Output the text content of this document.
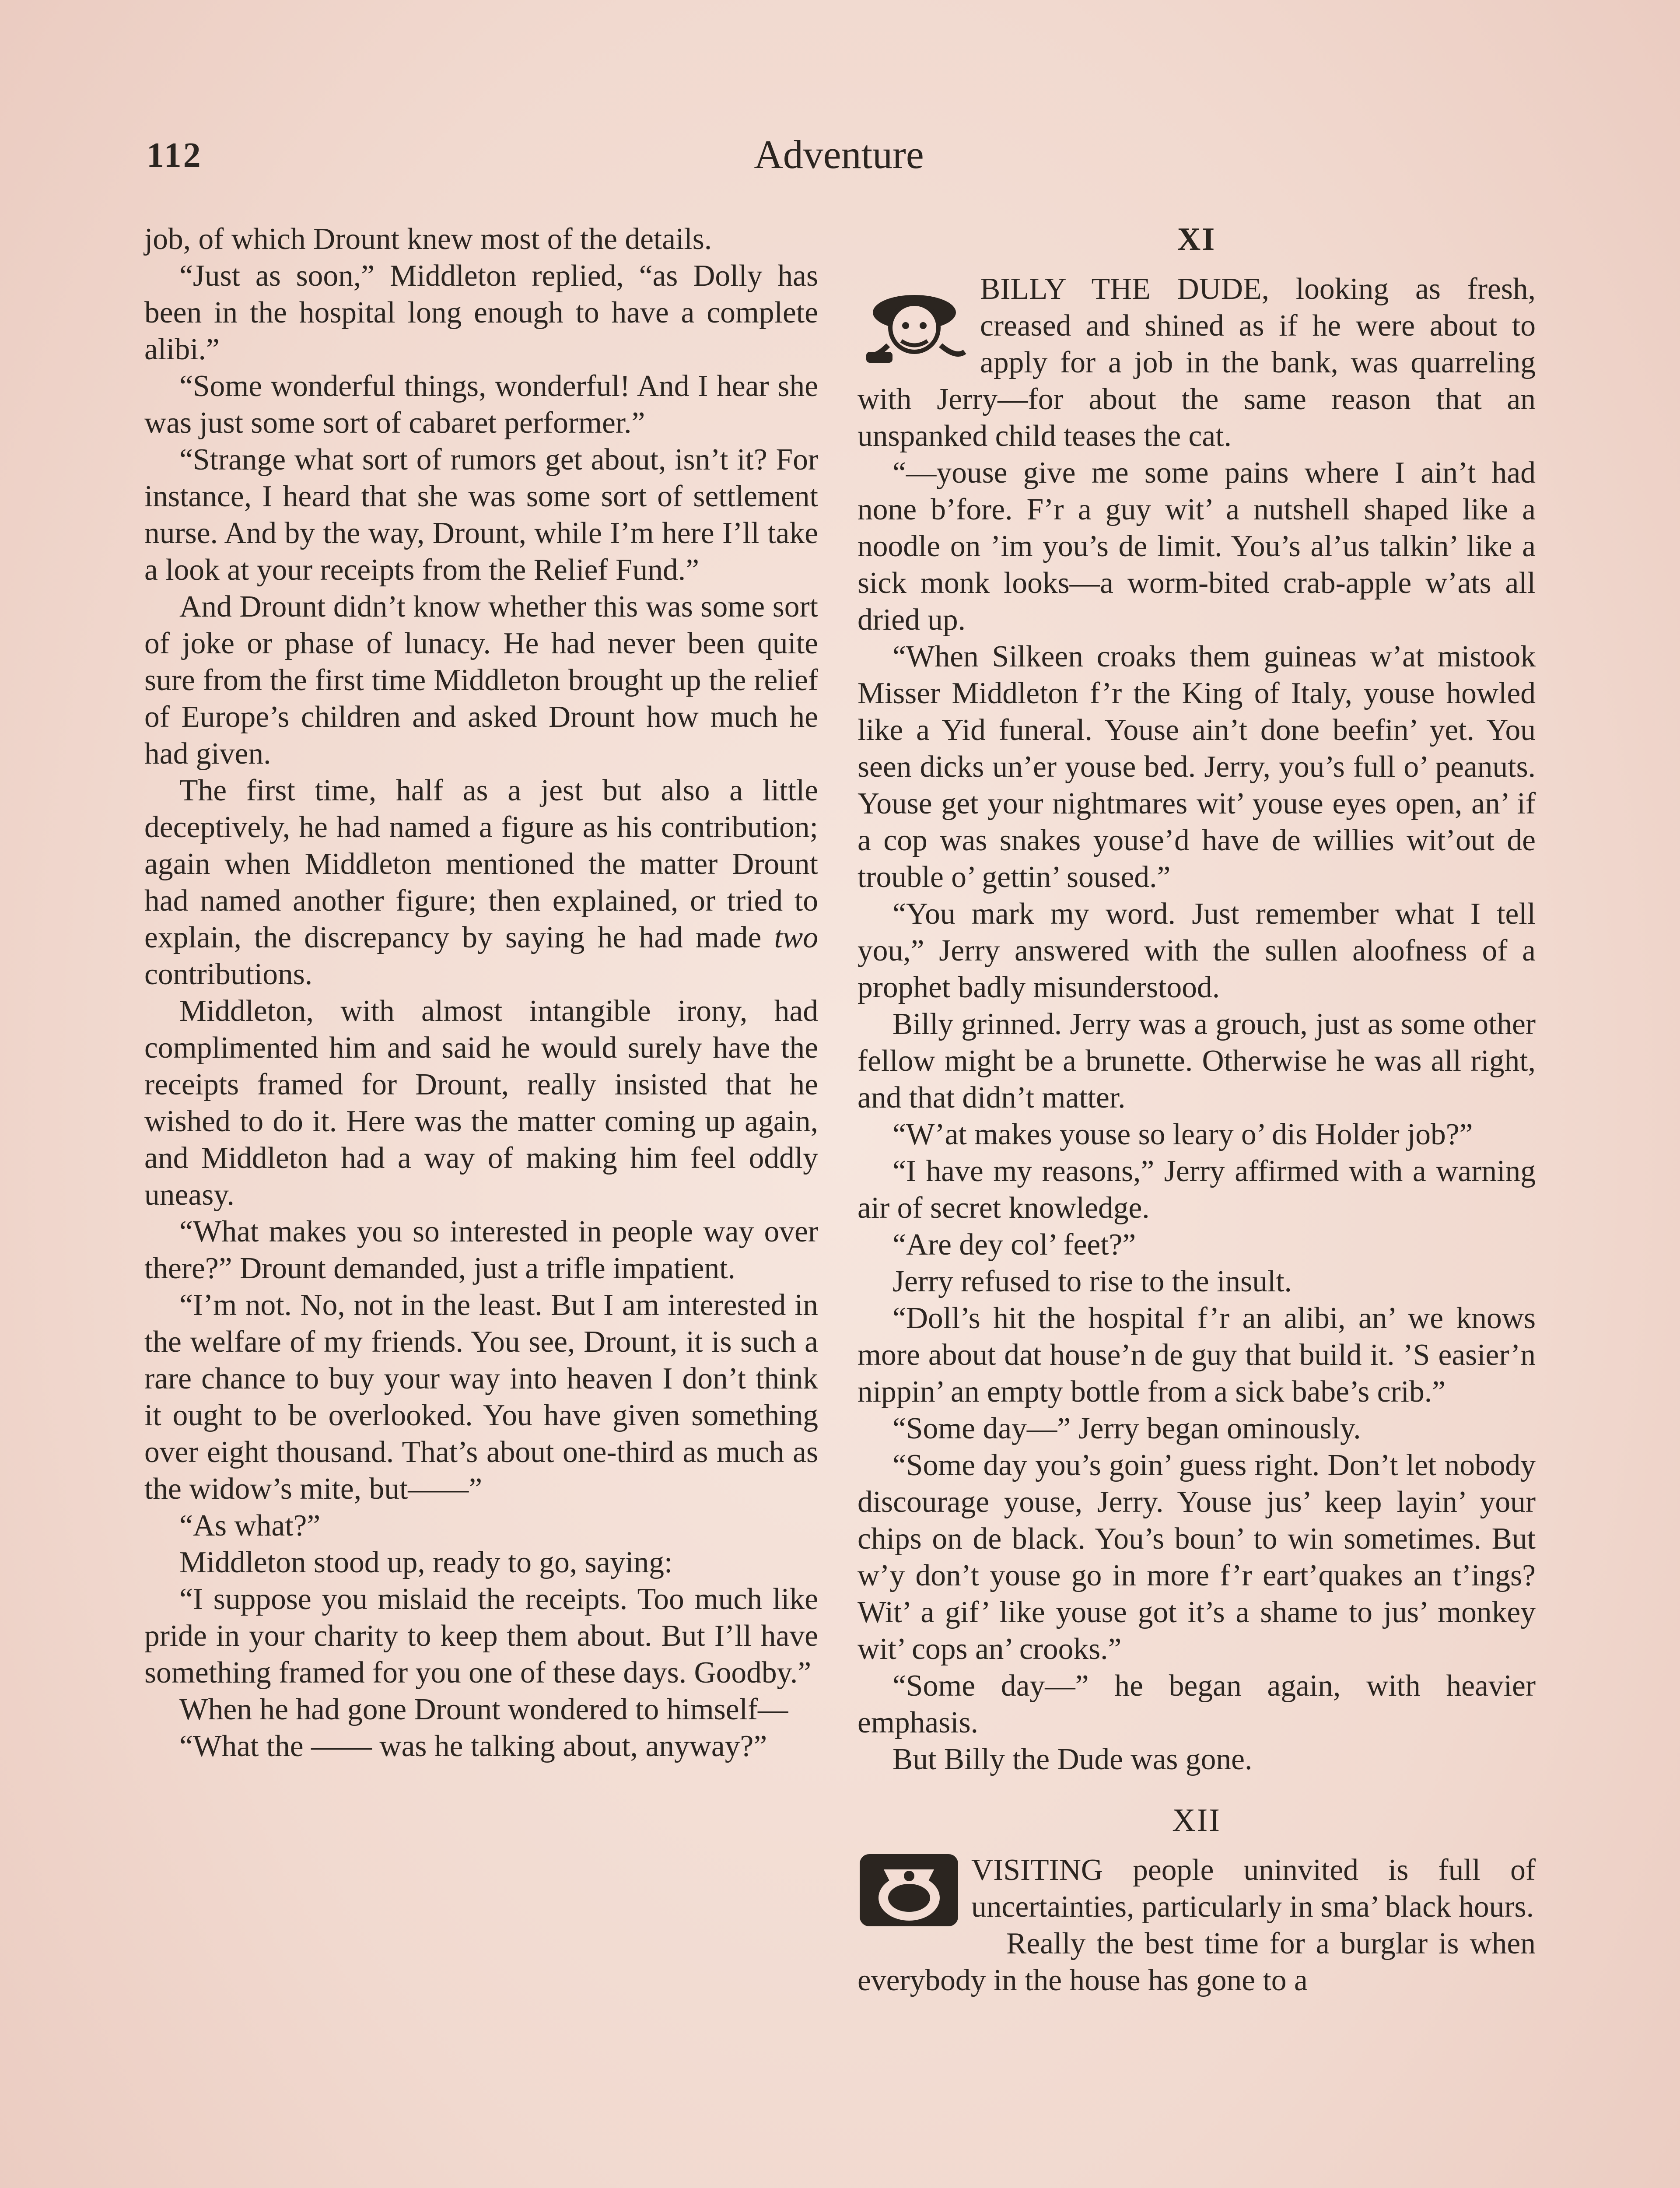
112	Adventure

job, of which Drount knew most of the details.

“Just as soon,” Middleton replied, “as Dolly has been in the hospital long enough to have a complete alibi.”

“Some wonderful things, wonderful! And I hear she was just some sort of cabaret performer.”

“Strange what sort of rumors get about, isn’t it? For instance, I heard that she was some sort of settlement nurse. And by the way, Drount, while I’m here I’ll take a look at your receipts from the Relief Fund.”

And Drount didn’t know whether this was some sort of joke or phase of lunacy. He had never been quite sure from the first time Middleton brought up the relief of Europe’s children and asked Drount how much he had given.

The first time, half as a jest but also a little deceptively, he had named a figure as his contribution; again when Middleton mentioned the matter Drount had named another figure; then explained, or tried to explain, the discrepancy by saying he had made two contributions.

Middleton, with almost intangible irony, had complimented him and said he would surely have the receipts framed for Drount, really insisted that he wished to do it. Here was the matter coming up again, and Middleton had a way of making him feel oddly uneasy.

“What makes you so interested in people way over there?” Drount demanded, just a trifle impatient.

“I’m not. No, not in the least. But I am interested in the welfare of my friends. You see, Drount, it is such a rare chance to buy your way into heaven I don’t think it ought to be overlooked. You have given something over eight thousand. That’s about one-third as much as the widow’s mite, but——”

“As what?”

Middleton stood up, ready to go, saying:

“I suppose you mislaid the receipts. Too much like pride in your charity to keep them about. But I’ll have something framed for you one of these days. Goodby.”

When he had gone Drount wondered to himself—

“What the —— was he talking about, anyway?”

XI

BILLY THE DUDE, looking as fresh, creased and shined as if he were about to apply for a job in the bank, was quarreling with Jerry—for about the same reason that an unspanked child teases the cat.

“—youse give me some pains where I ain’t had none b’fore. F’r a guy wit’ a nutshell shaped like a noodle on ’im you’s de limit. You’s al’us talkin’ like a sick monk looks—a worm-bited crab-apple w’ats all dried up.

“When Silkeen croaks them guineas w’at mistook Misser Middleton f’r the King of Italy, youse howled like a Yid funeral. Youse ain’t done beefin’ yet. You seen dicks un’er youse bed. Jerry, you’s full o’ peanuts. Youse get your nightmares wit’ youse eyes open, an’ if a cop was snakes youse’d have de willies wit’out de trouble o’ gettin’ soused.”

“You mark my word. Just remember what I tell you,” Jerry answered with the sullen aloofness of a prophet badly misunderstood.

Billy grinned. Jerry was a grouch, just as some other fellow might be a brunette. Otherwise he was all right, and that didn’t matter.

“W’at makes youse so leary o’ dis Holder job?”

“I have my reasons,” Jerry affirmed with a warning air of secret knowledge.

“Are dey col’ feet?”

Jerry refused to rise to the insult.

“Doll’s hit the hospital f’r an alibi, an’ we knows more about dat house’n de guy that build it. ’S easier’n nippin’ an empty bottle from a sick babe’s crib.”

“Some day—” Jerry began ominously.

“Some day you’s goin’ guess right. Don’t let nobody discourage youse, Jerry. Youse jus’ keep layin’ your chips on de black. You’s boun’ to win sometimes. But w’y don’t youse go in more f’r eart’quakes an t’ings? Wit’ a gif’ like youse got it’s a shame to jus’ monkey wit’ cops an’ crooks.”

“Some day—” he began again, with heavier emphasis.

But Billy the Dude was gone.

XII

VISITING people uninvited is full of uncertainties, particularly in sma’ black hours.

Really the best time for a burglar is when everybody in the house has gone to a
